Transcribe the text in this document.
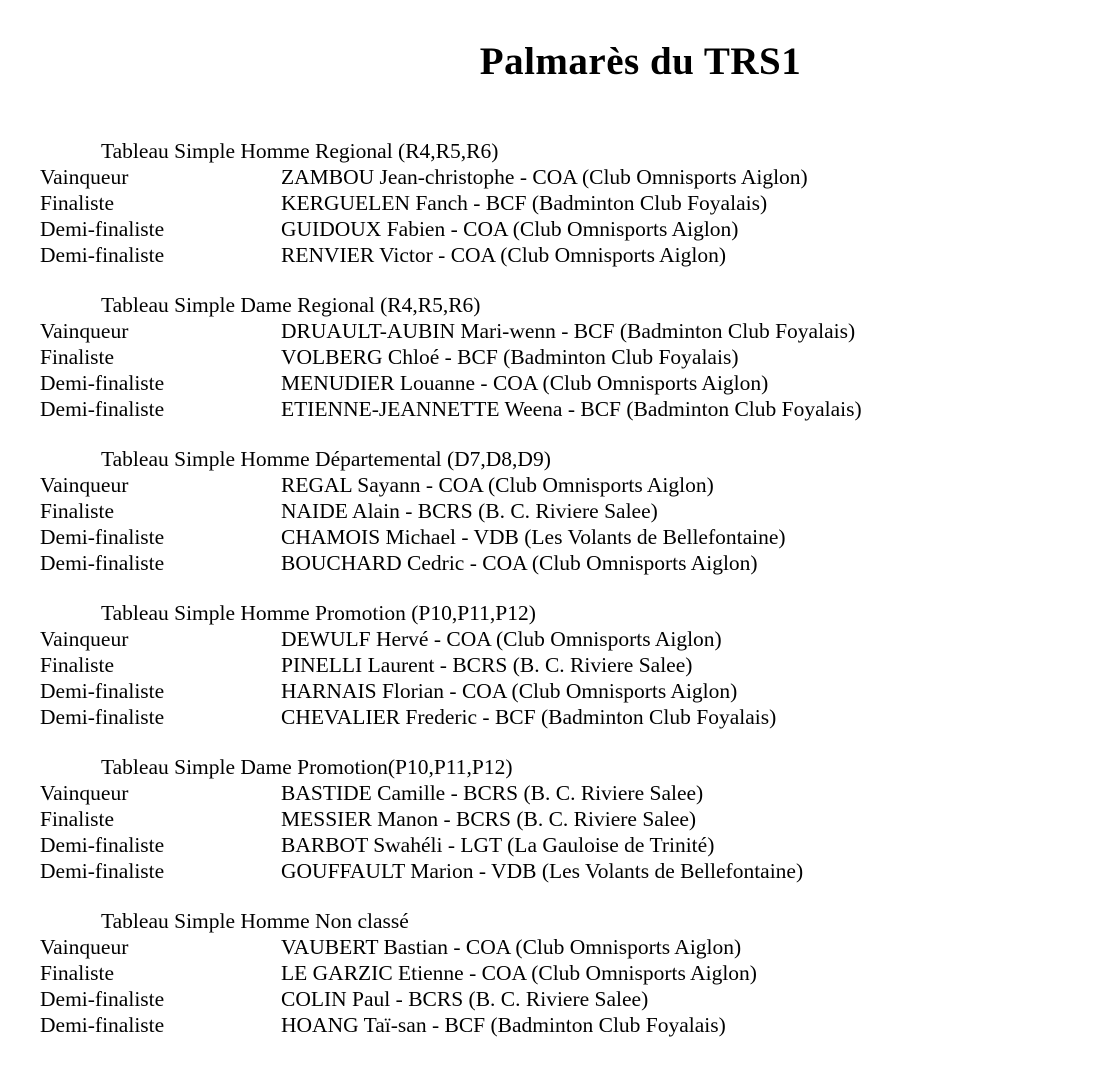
Palmarès du TRS1
Tableau Simple Homme Regional (R4,R5,R6)
Vainqueur	ZAMBOU Jean-christophe - COA (Club Omnisports Aiglon)
Finaliste	KERGUELEN Fanch - BCF (Badminton Club Foyalais)
Demi-finaliste	GUIDOUX Fabien - COA (Club Omnisports Aiglon)
Demi-finaliste	RENVIER Victor - COA (Club Omnisports Aiglon)
Tableau Simple Dame Regional (R4,R5,R6)
Vainqueur	DRUAULT-AUBIN Mari-wenn - BCF (Badminton Club Foyalais)
Finaliste	VOLBERG Chloé - BCF (Badminton Club Foyalais)
Demi-finaliste	MENUDIER Louanne - COA (Club Omnisports Aiglon)
Demi-finaliste	ETIENNE-JEANNETTE Weena - BCF (Badminton Club Foyalais)
Tableau Simple Homme Départemental (D7,D8,D9)
Vainqueur	REGAL Sayann - COA (Club Omnisports Aiglon)
Finaliste	NAIDE Alain - BCRS (B. C. Riviere Salee)
Demi-finaliste	CHAMOIS Michael - VDB (Les Volants de Bellefontaine)
Demi-finaliste	BOUCHARD Cedric - COA (Club Omnisports Aiglon)
Tableau Simple Homme Promotion (P10,P11,P12)
Vainqueur	DEWULF Hervé - COA (Club Omnisports Aiglon)
Finaliste	PINELLI Laurent - BCRS (B. C. Riviere Salee)
Demi-finaliste	HARNAIS Florian - COA (Club Omnisports Aiglon)
Demi-finaliste	CHEVALIER Frederic - BCF (Badminton Club Foyalais)
Tableau Simple Dame Promotion(P10,P11,P12)
Vainqueur	BASTIDE Camille - BCRS (B. C. Riviere Salee)
Finaliste	MESSIER Manon - BCRS (B. C. Riviere Salee)
Demi-finaliste	BARBOT Swahéli - LGT (La Gauloise de Trinité)
Demi-finaliste	GOUFFAULT Marion - VDB (Les Volants de Bellefontaine)
Tableau Simple Homme Non classé
Vainqueur	VAUBERT Bastian - COA (Club Omnisports Aiglon)
Finaliste	LE GARZIC Etienne - COA (Club Omnisports Aiglon)
Demi-finaliste	COLIN Paul - BCRS (B. C. Riviere Salee)
Demi-finaliste	HOANG Taï-san - BCF (Badminton Club Foyalais)
